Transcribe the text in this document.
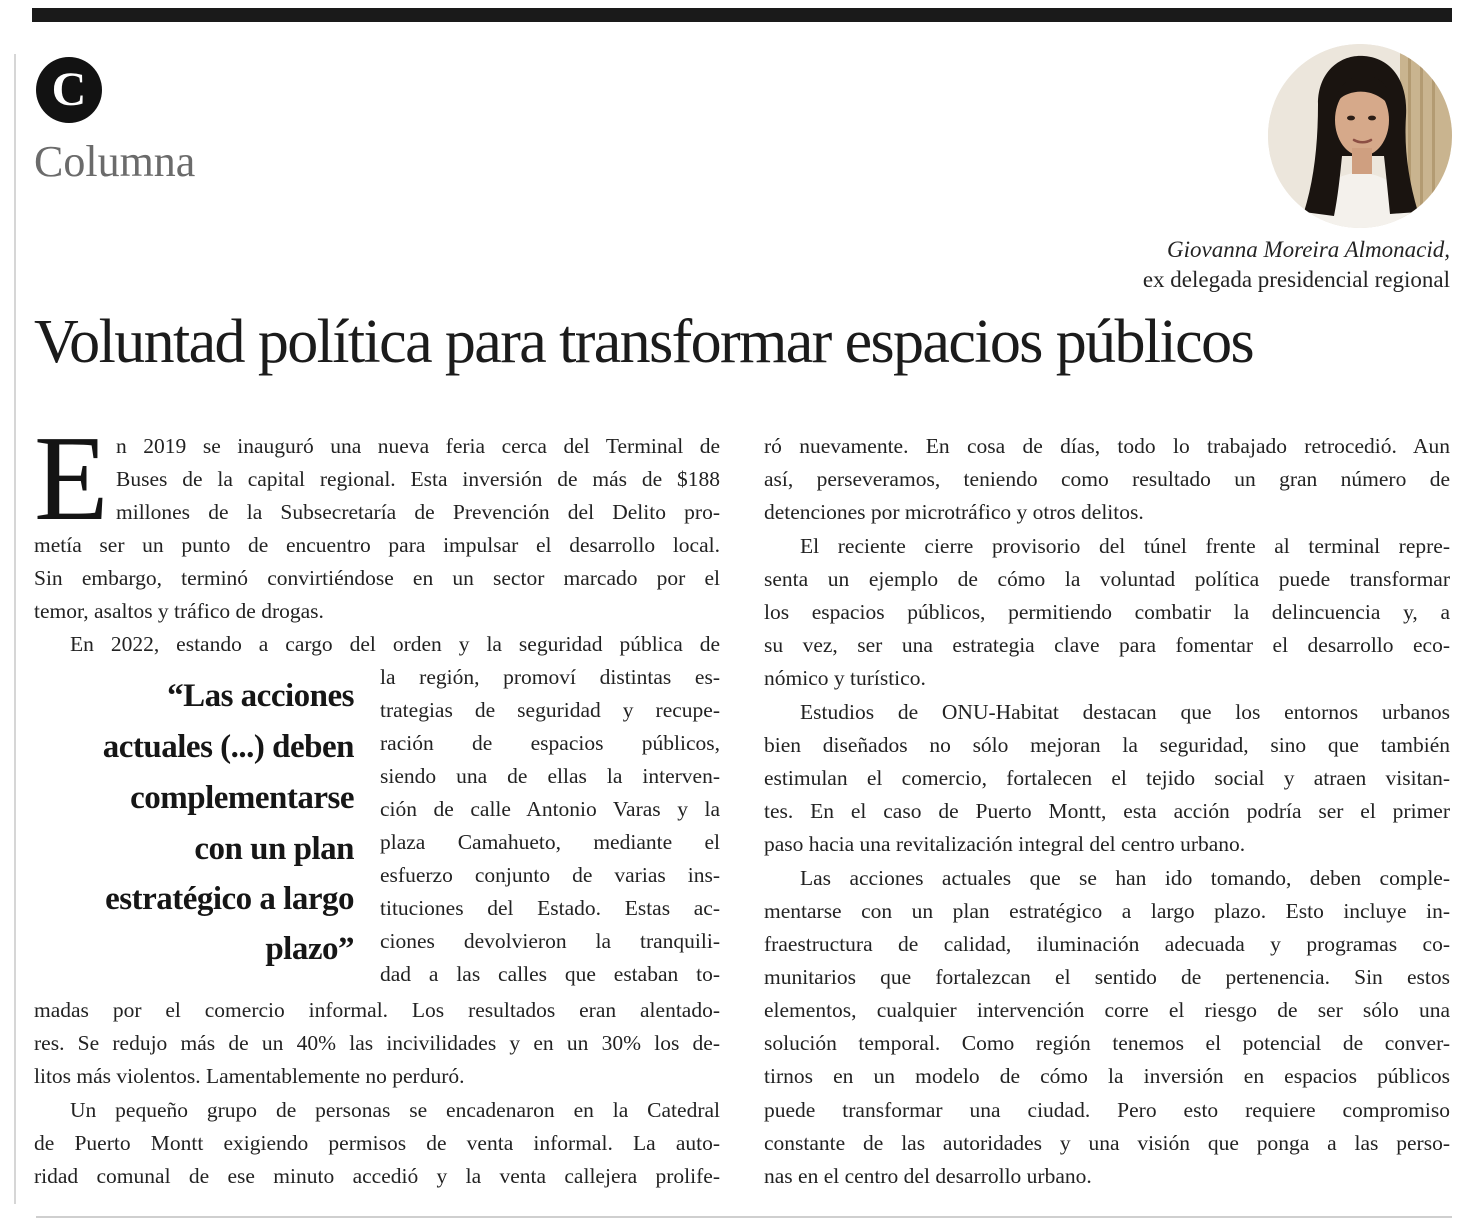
C
Columna
Giovanna Moreira Almonacid,
ex delegada presidencial regional
Voluntad política para transformar espacios públicos
E
“Las acciones
actuales (...) deben
complementarse
con un plan
estratégico a largo
plazo”
n 2019 se inauguró una nueva feria cerca del Terminal de
Buses de la capital regional. Esta inversión de más de $188
millones de la Subsecretaría de Prevención del Delito pro-
metía ser un punto de encuentro para impulsar el desarrollo local.
Sin embargo, terminó convirtiéndose en un sector marcado por el
temor, asaltos y tráfico de drogas.
En 2022, estando a cargo del orden y la seguridad pública de
la región, promoví distintas es-
trategias de seguridad y recupe-
ración de espacios públicos,
siendo una de ellas la interven-
ción de calle Antonio Varas y la
plaza Camahueto, mediante el
esfuerzo conjunto de varias ins-
tituciones del Estado. Estas ac-
ciones devolvieron la tranquili-
dad a las calles que estaban to-
madas por el comercio informal. Los resultados eran alentado-
res. Se redujo más de un 40% las incivilidades y en un 30% los de-
litos más violentos. Lamentablemente no perduró.
Un pequeño grupo de personas se encadenaron en la Catedral
de Puerto Montt exigiendo permisos de venta informal. La auto-
ridad comunal de ese minuto accedió y la venta callejera prolife-
ró nuevamente. En cosa de días, todo lo trabajado retrocedió. Aun
así, perseveramos, teniendo como resultado un gran número de
detenciones por microtráfico y otros delitos.
El reciente cierre provisorio del túnel frente al terminal repre-
senta un ejemplo de cómo la voluntad política puede transformar
los espacios públicos, permitiendo combatir la delincuencia y, a
su vez, ser una estrategia clave para fomentar el desarrollo eco-
nómico y turístico.
Estudios de ONU-Habitat destacan que los entornos urbanos
bien diseñados no sólo mejoran la seguridad, sino que también
estimulan el comercio, fortalecen el tejido social y atraen visitan-
tes. En el caso de Puerto Montt, esta acción podría ser el primer
paso hacia una revitalización integral del centro urbano.
Las acciones actuales que se han ido tomando, deben comple-
mentarse con un plan estratégico a largo plazo. Esto incluye in-
fraestructura de calidad, iluminación adecuada y programas co-
munitarios que fortalezcan el sentido de pertenencia. Sin estos
elementos, cualquier intervención corre el riesgo de ser sólo una
solución temporal. Como región tenemos el potencial de conver-
tirnos en un modelo de cómo la inversión en espacios públicos
puede transformar una ciudad. Pero esto requiere compromiso
constante de las autoridades y una visión que ponga a las perso-
nas en el centro del desarrollo urbano.
